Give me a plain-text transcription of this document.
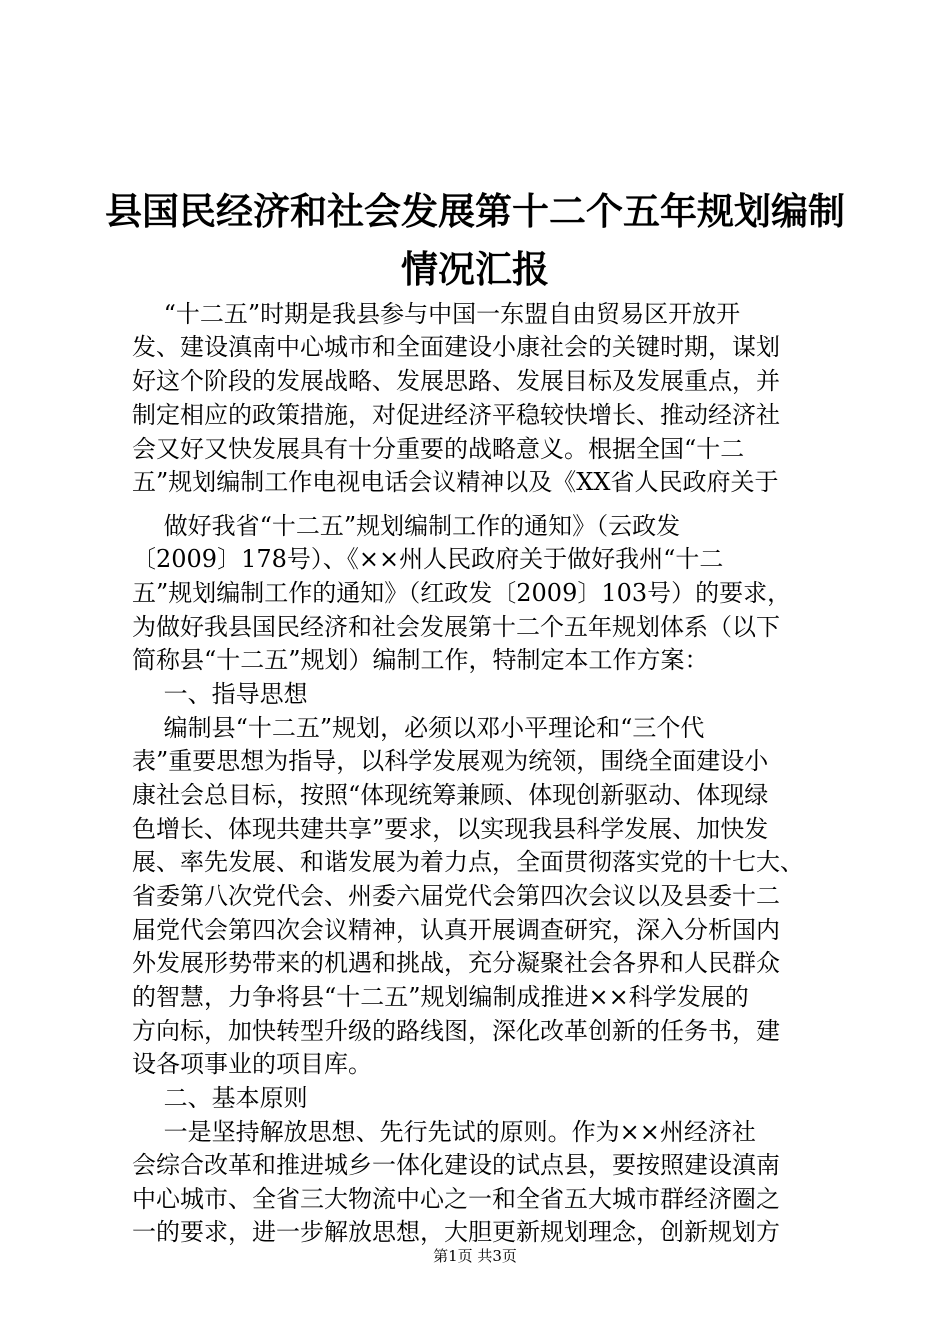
县国民经济和社会发展第十二个五年规划编制
情况汇报
　 “十二五”时期是我县参与中国一东盟自由贸易区开放开
发、建设滇南中心城市和全面建设小康社会的关键时期，谋划
好这个阶段的发展战略、发展思路、发展目标及发展重点，并
制定相应的政策措施，对促进经济平稳较快增长、推动经济社
会又好又快发展具有十分重要的战略意义。根据全国“十二
五”规划编制工作电视电话会议精神以及《XX省人民政府关于
　 做好我省“十二五”规划编制工作的通知》（云政发
〔2009〕178号）、《××州人民政府关于做好我州“十二
五”规划编制工作的通知》（红政发〔2009〕103号）的要求，
为做好我县国民经济和社会发展第十二个五年规划体系（以下
简称县“十二五”规划）编制工作，特制定本工作方案：
　 一、指导思想
　 编制县“十二五”规划，必须以邓小平理论和“三个代
表”重要思想为指导，以科学发展观为统领，围绕全面建设小
康社会总目标，按照“体现统筹兼顾、体现创新驱动、体现绿
色增长、体现共建共享”要求，以实现我县科学发展、加快发
展、率先发展、和谐发展为着力点，全面贯彻落实党的十七大、
省委第八次党代会、州委六届党代会第四次会议以及县委十二
届党代会第四次会议精神，认真开展调查研究，深入分析国内
外发展形势带来的机遇和挑战，充分凝聚社会各界和人民群众
的智慧，力争将县“十二五”规划编制成推进××科学发展的
方向标，加快转型升级的路线图，深化改革创新的任务书，建
设各项事业的项目库。
　 二、基本原则
　 一是坚持解放思想、先行先试的原则。作为××州经济社
会综合改革和推进城乡一体化建设的试点县，要按照建设滇南
中心城市、全省三大物流中心之一和全省五大城市群经济圈之
一的要求，进一步解放思想，大胆更新规划理念，创新规划方
第1页 共3页
